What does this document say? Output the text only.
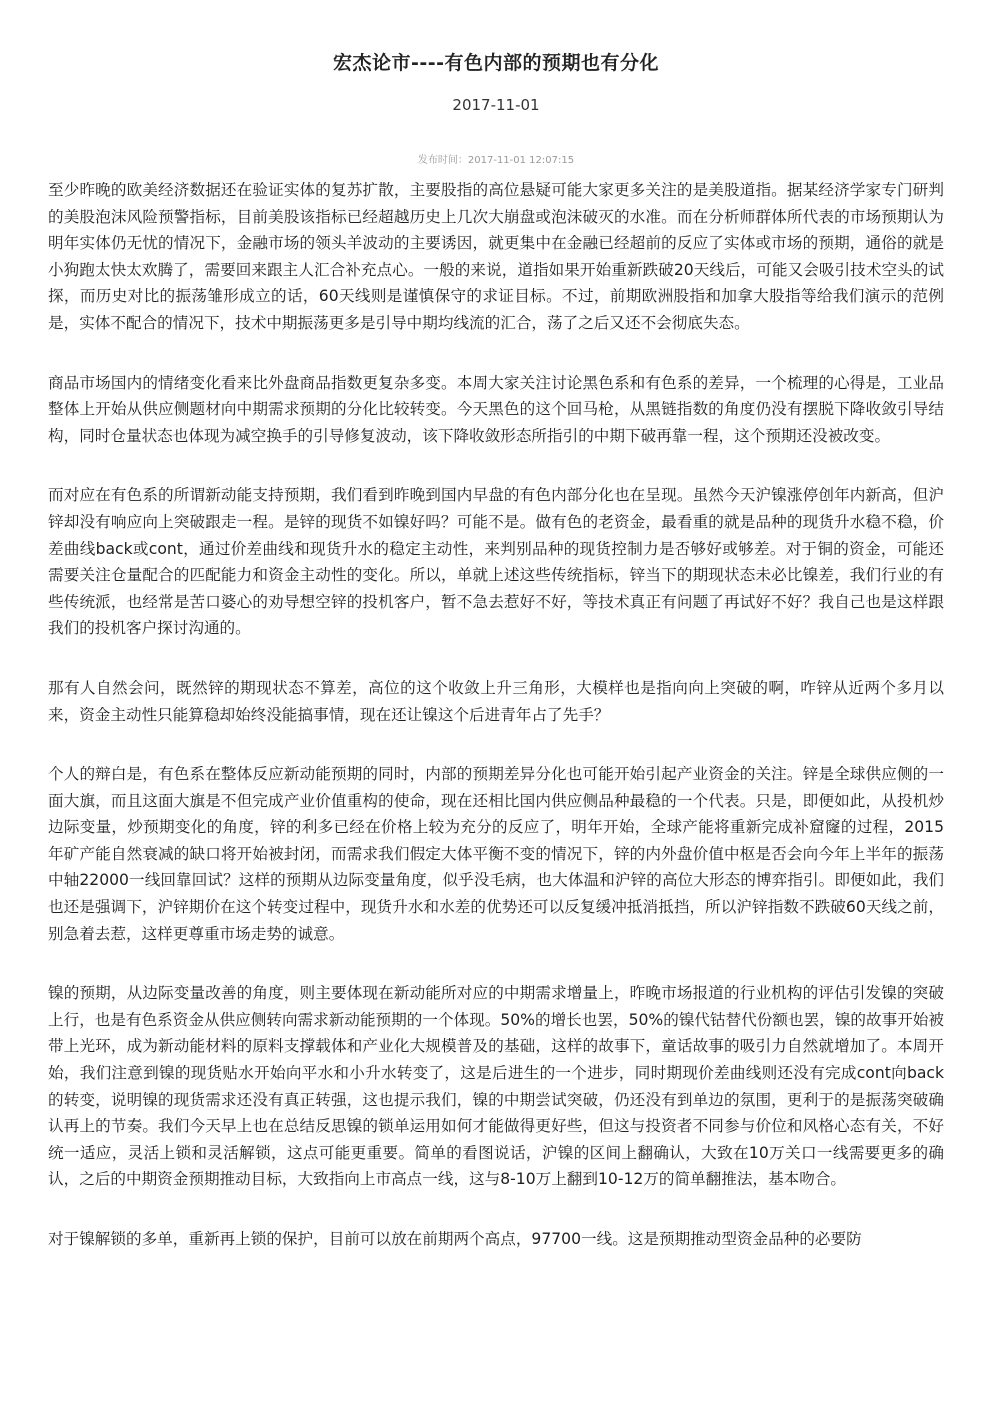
宏杰论市----有色内部的预期也有分化
2017-11-01
发布时间：2017-11-01 12:07:15

至少昨晚的欧美经济数据还在验证实体的复苏扩散，主要股指的高位悬疑可能大家更多关注的是美股道指。据某经济学家专门研判的美股泡沫风险预警指标，目前美股该指标已经超越历史上几次大崩盘或泡沫破灭的水准。而在分析师群体所代表的市场预期认为明年实体仍无忧的情况下，金融市场的领头羊波动的主要诱因，就更集中在金融已经超前的反应了实体或市场的预期，通俗的就是小狗跑太快太欢腾了，需要回来跟主人汇合补充点心。一般的来说，道指如果开始重新跌破20天线后，可能又会吸引技术空头的试探，而历史对比的振荡雏形成立的话，60天线则是谨慎保守的求证目标。不过，前期欧洲股指和加拿大股指等给我们演示的范例是，实体不配合的情况下，技术中期振荡更多是引导中期均线流的汇合，荡了之后又还不会彻底失态。

商品市场国内的情绪变化看来比外盘商品指数更复杂多变。本周大家关注讨论黑色系和有色系的差异，一个梳理的心得是，工业品整体上开始从供应侧题材向中期需求预期的分化比较转变。今天黑色的这个回马枪，从黑链指数的角度仍没有摆脱下降收敛引导结构，同时仓量状态也体现为减空换手的引导修复波动，该下降收敛形态所指引的中期下破再靠一程，这个预期还没被改变。

而对应在有色系的所谓新动能支持预期，我们看到昨晚到国内早盘的有色内部分化也在呈现。虽然今天沪镍涨停创年内新高，但沪锌却没有响应向上突破跟走一程。是锌的现货不如镍好吗？可能不是。做有色的老资金，最看重的就是品种的现货升水稳不稳，价差曲线back或cont，通过价差曲线和现货升水的稳定主动性，来判别品种的现货控制力是否够好或够差。对于铜的资金，可能还需要关注仓量配合的匹配能力和资金主动性的变化。所以，单就上述这些传统指标，锌当下的期现状态未必比镍差，我们行业的有些传统派，也经常是苦口婆心的劝导想空锌的投机客户，暂不急去惹好不好，等技术真正有问题了再试好不好？我自己也是这样跟我们的投机客户探讨沟通的。

那有人自然会问，既然锌的期现状态不算差，高位的这个收敛上升三角形，大模样也是指向向上突破的啊，咋锌从近两个多月以来，资金主动性只能算稳却始终没能搞事情，现在还让镍这个后进青年占了先手？

个人的辩白是，有色系在整体反应新动能预期的同时，内部的预期差异分化也可能开始引起产业资金的关注。锌是全球供应侧的一面大旗，而且这面大旗是不但完成产业价值重构的使命，现在还相比国内供应侧品种最稳的一个代表。只是，即便如此，从投机炒边际变量，炒预期变化的角度，锌的利多已经在价格上较为充分的反应了，明年开始，全球产能将重新完成补窟窿的过程，2015年矿产能自然衰减的缺口将开始被封闭，而需求我们假定大体平衡不变的情况下，锌的内外盘价值中枢是否会向今年上半年的振荡中轴22000一线回靠回试？这样的预期从边际变量角度，似乎没毛病，也大体温和沪锌的高位大形态的博弈指引。即便如此，我们也还是强调下，沪锌期价在这个转变过程中，现货升水和水差的优势还可以反复缓冲抵消抵挡，所以沪锌指数不跌破60天线之前，别急着去惹，这样更尊重市场走势的诚意。

镍的预期，从边际变量改善的角度，则主要体现在新动能所对应的中期需求增量上，昨晚市场报道的行业机构的评估引发镍的突破上行，也是有色系资金从供应侧转向需求新动能预期的一个体现。50%的增长也罢，50%的镍代钴替代份额也罢，镍的故事开始被带上光环，成为新动能材料的原料支撑载体和产业化大规模普及的基础，这样的故事下，童话故事的吸引力自然就增加了。本周开始，我们注意到镍的现货贴水开始向平水和小升水转变了，这是后进生的一个进步，同时期现价差曲线则还没有完成cont向back的转变，说明镍的现货需求还没有真正转强，这也提示我们，镍的中期尝试突破，仍还没有到单边的氛围，更利于的是振荡突破确认再上的节奏。我们今天早上也在总结反思镍的锁单运用如何才能做得更好些，但这与投资者不同参与价位和风格心态有关，不好统一适应，灵活上锁和灵活解锁，这点可能更重要。简单的看图说话，沪镍的区间上翻确认，大致在10万关口一线需要更多的确认，之后的中期资金预期推动目标，大致指向上市高点一线，这与8-10万上翻到10-12万的简单翻推法，基本吻合。

对于镍解锁的多单，重新再上锁的保护，目前可以放在前期两个高点，97700一线。这是预期推动型资金品种的必要防
